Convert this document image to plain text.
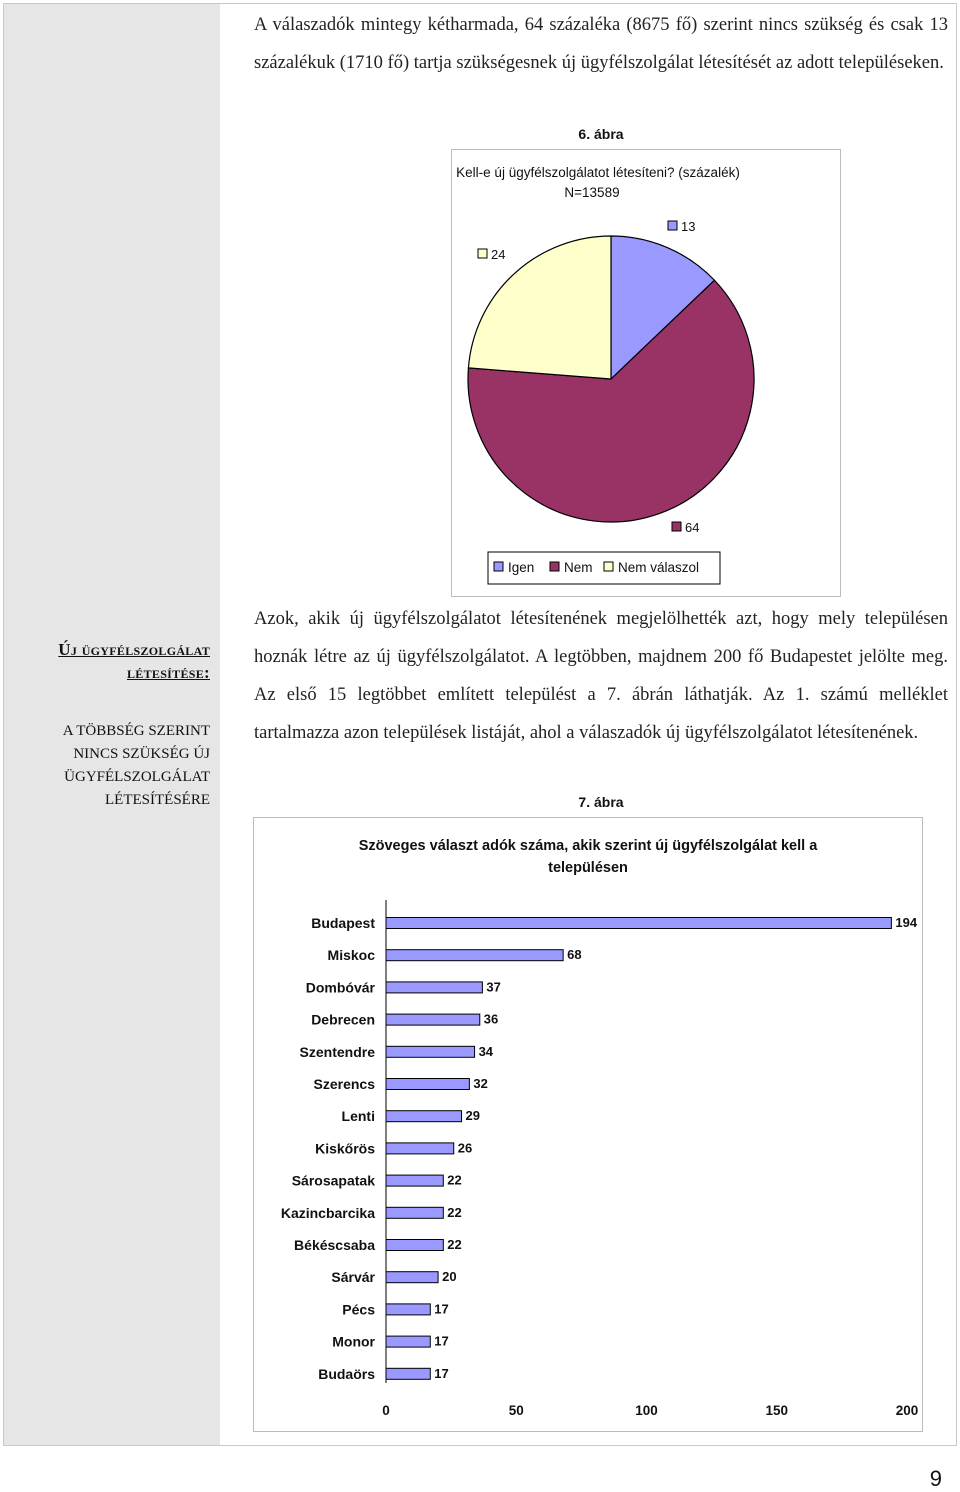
A válaszadók mintegy kétharmada, 64 százaléka (8675 fő) szerint nincs szükség és csak 13 százalékuk (1710 fő) tartja szükségesnek új ügyfélszolgálat létesítését az adott településeken.
6. ábra
Kell-e új ügyfélszolgálatot létesíteni? (százalék)
N=13589
13
64
24
Igen Nem Nem válaszol
Új ügyfélszolgálat létesítése:
A TÖBBSÉG SZERINT NINCS SZÜKSÉG ÚJ ÜGYFÉLSZOLGÁLAT LÉTESÍTÉSÉRE
Azok, akik új ügyfélszolgálatot létesítenének megjelölhették azt, hogy mely településen hoznák létre az új ügyfélszolgálatot. A legtöbben, majdnem 200 fő Budapestet jelölte meg. Az első 15 legtöbbet említett települést a 7. ábrán láthatják. Az 1. számú melléklet tartalmazza azon települések listáját, ahol a válaszadók új ügyfélszolgálatot létesítenének.
7. ábra
Szöveges választ adók száma, akik szerint új ügyfélszolgálat kell a
településen
Budapest	194
Miskoc	68
Dombóvár	37
Debrecen	36
Szentendre	34
Szerencs	32
Lenti	29
Kiskőrös	26
Sárosapatak	22
Kazincbarcika	22
Békéscsaba	22
Sárvár	20
Pécs	17
Monor	17
Budaörs	17
0	50	100	150	200
9
